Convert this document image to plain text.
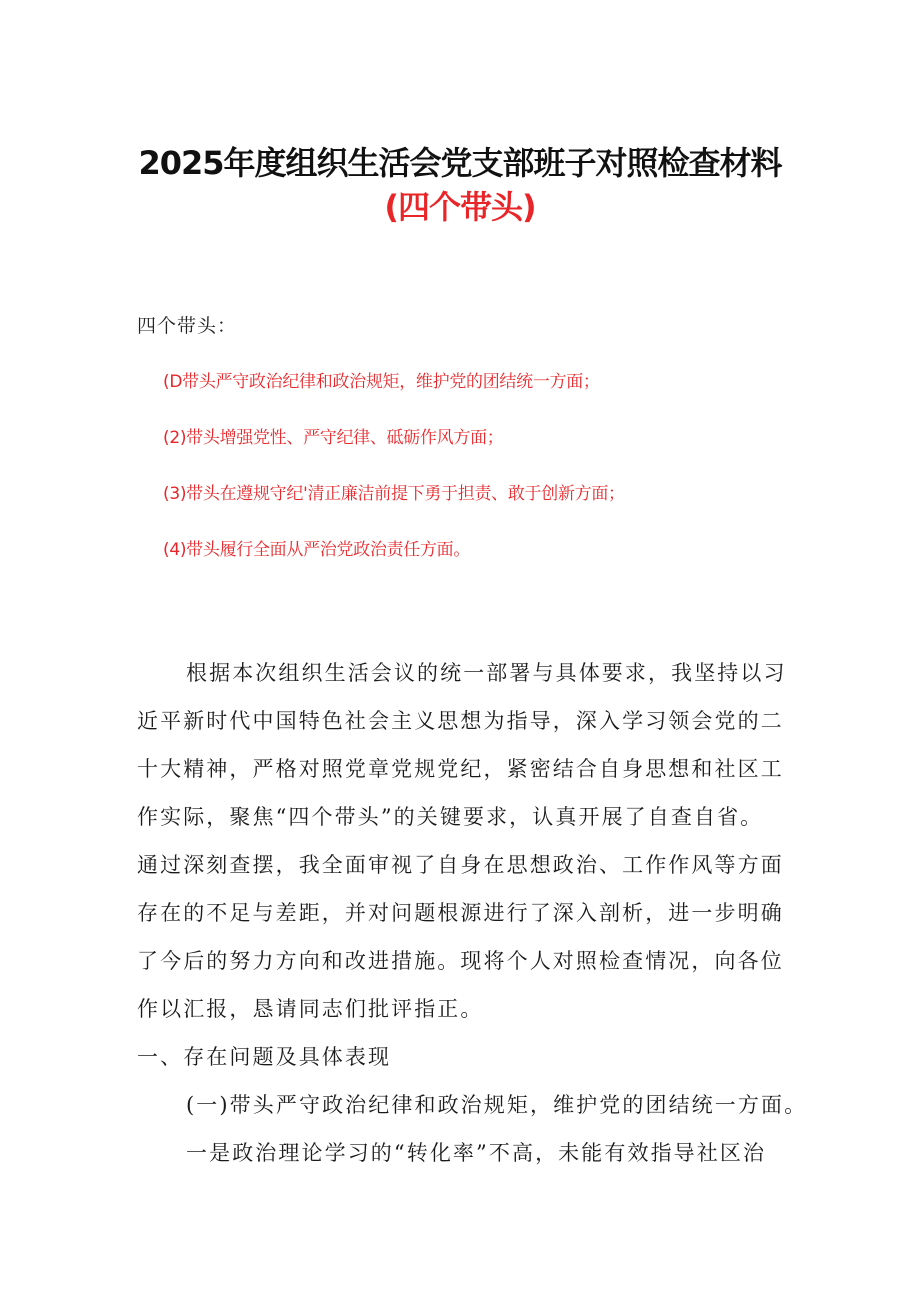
2025年度组织生活会党支部班子对照检查材料
(四个带头)
四个带头：
(D带头严守政治纪律和政治规矩，维护党的团结统一方面；
(2)带头增强党性、严守纪律、砥砺作风方面；
(3)带头在遵规守纪'清正廉洁前提下勇于担责、敢于创新方面；
(4)带头履行全面从严治党政治责任方面。
根据本次组织生活会议的统一部署与具体要求，我坚持以习
近平新时代中国特色社会主义思想为指导，深入学习领会党的二
十大精神，严格对照党章党规党纪，紧密结合自身思想和社区工
作实际，聚焦“四个带头”的关键要求，认真开展了自查自省。
通过深刻查摆，我全面审视了自身在思想政治、工作作风等方面
存在的不足与差距，并对问题根源进行了深入剖析，进一步明确
了今后的努力方向和改进措施。现将个人对照检查情况，向各位
作以汇报，恳请同志们批评指正。
一、存在问题及具体表现
(一)带头严守政治纪律和政治规矩，维护党的团结统一方面。
一是政治理论学习的“转化率”不高，未能有效指导社区治
